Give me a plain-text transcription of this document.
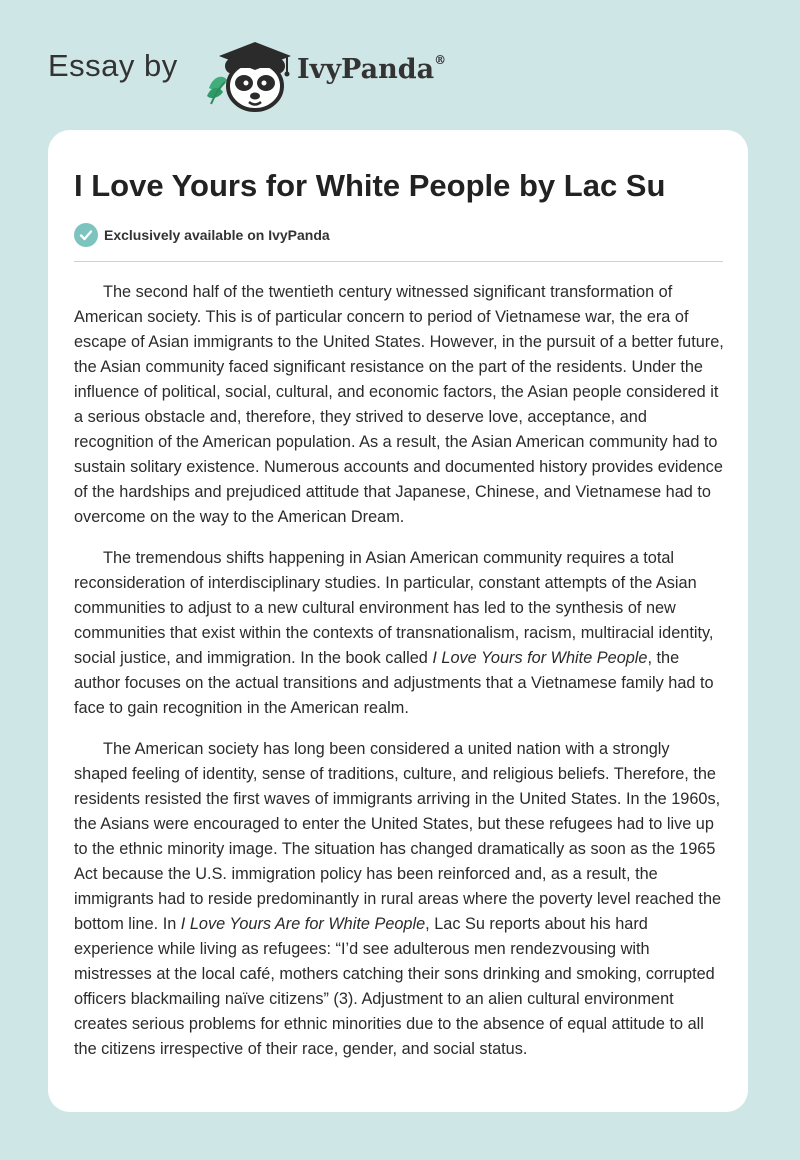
Essay by	IvyPanda®
I Love Yours for White People by Lac Su
Exclusively available on IvyPanda

The second half of the twentieth century witnessed significant transformation of American society. This is of particular concern to period of Vietnamese war, the era of escape of Asian immigrants to the United States. However, in the pursuit of a better future, the Asian community faced significant resistance on the part of the residents. Under the influence of political, social, cultural, and economic factors, the Asian people considered it a serious obstacle and, therefore, they strived to deserve love, acceptance, and recognition of the American population. As a result, the Asian American community had to sustain solitary existence. Numerous accounts and documented history provides evidence of the hardships and prejudiced attitude that Japanese, Chinese, and Vietnamese had to overcome on the way to the American Dream.

The tremendous shifts happening in Asian American community requires a total reconsideration of interdisciplinary studies. In particular, constant attempts of the Asian communities to adjust to a new cultural environment has led to the synthesis of new communities that exist within the contexts of transnationalism, racism, multiracial identity, social justice, and immigration. In the book called I Love Yours for White People, the author focuses on the actual transitions and adjustments that a Vietnamese family had to face to gain recognition in the American realm.

The American society has long been considered a united nation with a strongly shaped feeling of identity, sense of traditions, culture, and religious beliefs. Therefore, the residents resisted the first waves of immigrants arriving in the United States. In the 1960s, the Asians were encouraged to enter the United States, but these refugees had to live up to the ethnic minority image. The situation has changed dramatically as soon as the 1965 Act because the U.S. immigration policy has been reinforced and, as a result, the immigrants had to reside predominantly in rural areas where the poverty level reached the bottom line. In I Love Yours Are for White People, Lac Su reports about his hard experience while living as refugees: “I’d see adulterous men rendezvousing with mistresses at the local café, mothers catching their sons drinking and smoking, corrupted officers blackmailing naïve citizens” (3). Adjustment to an alien cultural environment creates serious problems for ethnic minorities due to the absence of equal attitude to all the citizens irrespective of their race, gender, and social status.
